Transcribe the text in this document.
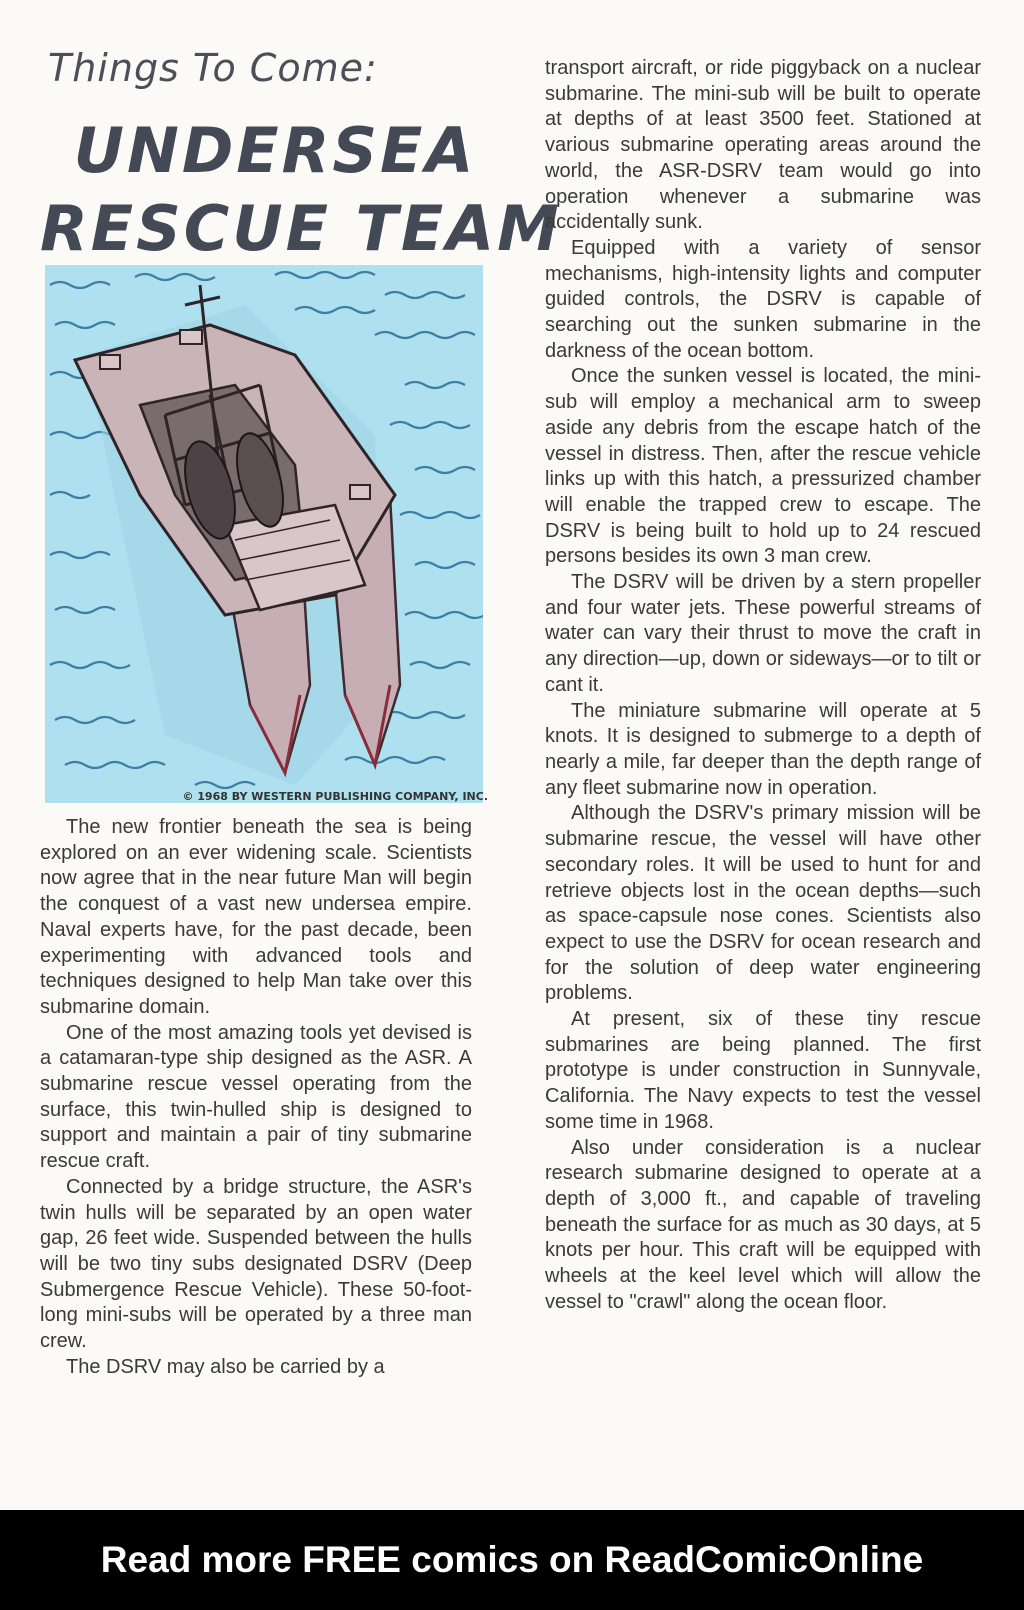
Things To Come:
UNDERSEA
RESCUE TEAM
© 1968 BY WESTERN PUBLISHING COMPANY, INC.

The new frontier beneath the sea is being explored on an ever widening scale. Scientists now agree that in the near future Man will begin the conquest of a vast new undersea empire. Naval experts have, for the past decade, been experimenting with advanced tools and techniques designed to help Man take over this submarine domain.

One of the most amazing tools yet devised is a catamaran-type ship designed as the ASR. A submarine rescue vessel operating from the surface, this twin-hulled ship is designed to support and maintain a pair of tiny submarine rescue craft.

Connected by a bridge structure, the ASR's twin hulls will be separated by an open water gap, 26 feet wide. Suspended between the hulls will be two tiny subs designated DSRV (Deep Submergence Rescue Vehicle). These 50-foot-long mini-subs will be operated by a three man crew.

The DSRV may also be carried by a

transport aircraft, or ride piggyback on a nuclear submarine. The mini-sub will be built to operate at depths of at least 3500 feet. Stationed at various submarine operating areas around the world, the ASR-DSRV team would go into operation whenever a submarine was accidentally sunk.

Equipped with a variety of sensor mechanisms, high-intensity lights and computer guided controls, the DSRV is capable of searching out the sunken submarine in the darkness of the ocean bottom.

Once the sunken vessel is located, the mini-sub will employ a mechanical arm to sweep aside any debris from the escape hatch of the vessel in distress. Then, after the rescue vehicle links up with this hatch, a pressurized chamber will enable the trapped crew to escape. The DSRV is being built to hold up to 24 rescued persons besides its own 3 man crew.

The DSRV will be driven by a stern propeller and four water jets. These powerful streams of water can vary their thrust to move the craft in any direction—up, down or sideways—or to tilt or cant it.

The miniature submarine will operate at 5 knots. It is designed to submerge to a depth of nearly a mile, far deeper than the depth range of any fleet submarine now in operation.

Although the DSRV's primary mission will be submarine rescue, the vessel will have other secondary roles. It will be used to hunt for and retrieve objects lost in the ocean depths—such as space-capsule nose cones. Scientists also expect to use the DSRV for ocean research and for the solution of deep water engineering problems.

At present, six of these tiny rescue submarines are being planned. The first prototype is under construction in Sunnyvale, California. The Navy expects to test the vessel some time in 1968.

Also under consideration is a nuclear research submarine designed to operate at a depth of 3,000 ft., and capable of traveling beneath the surface for as much as 30 days, at 5 knots per hour. This craft will be equipped with wheels at the keel level which will allow the vessel to "crawl" along the ocean floor.

Read more FREE comics on ReadComicOnline
